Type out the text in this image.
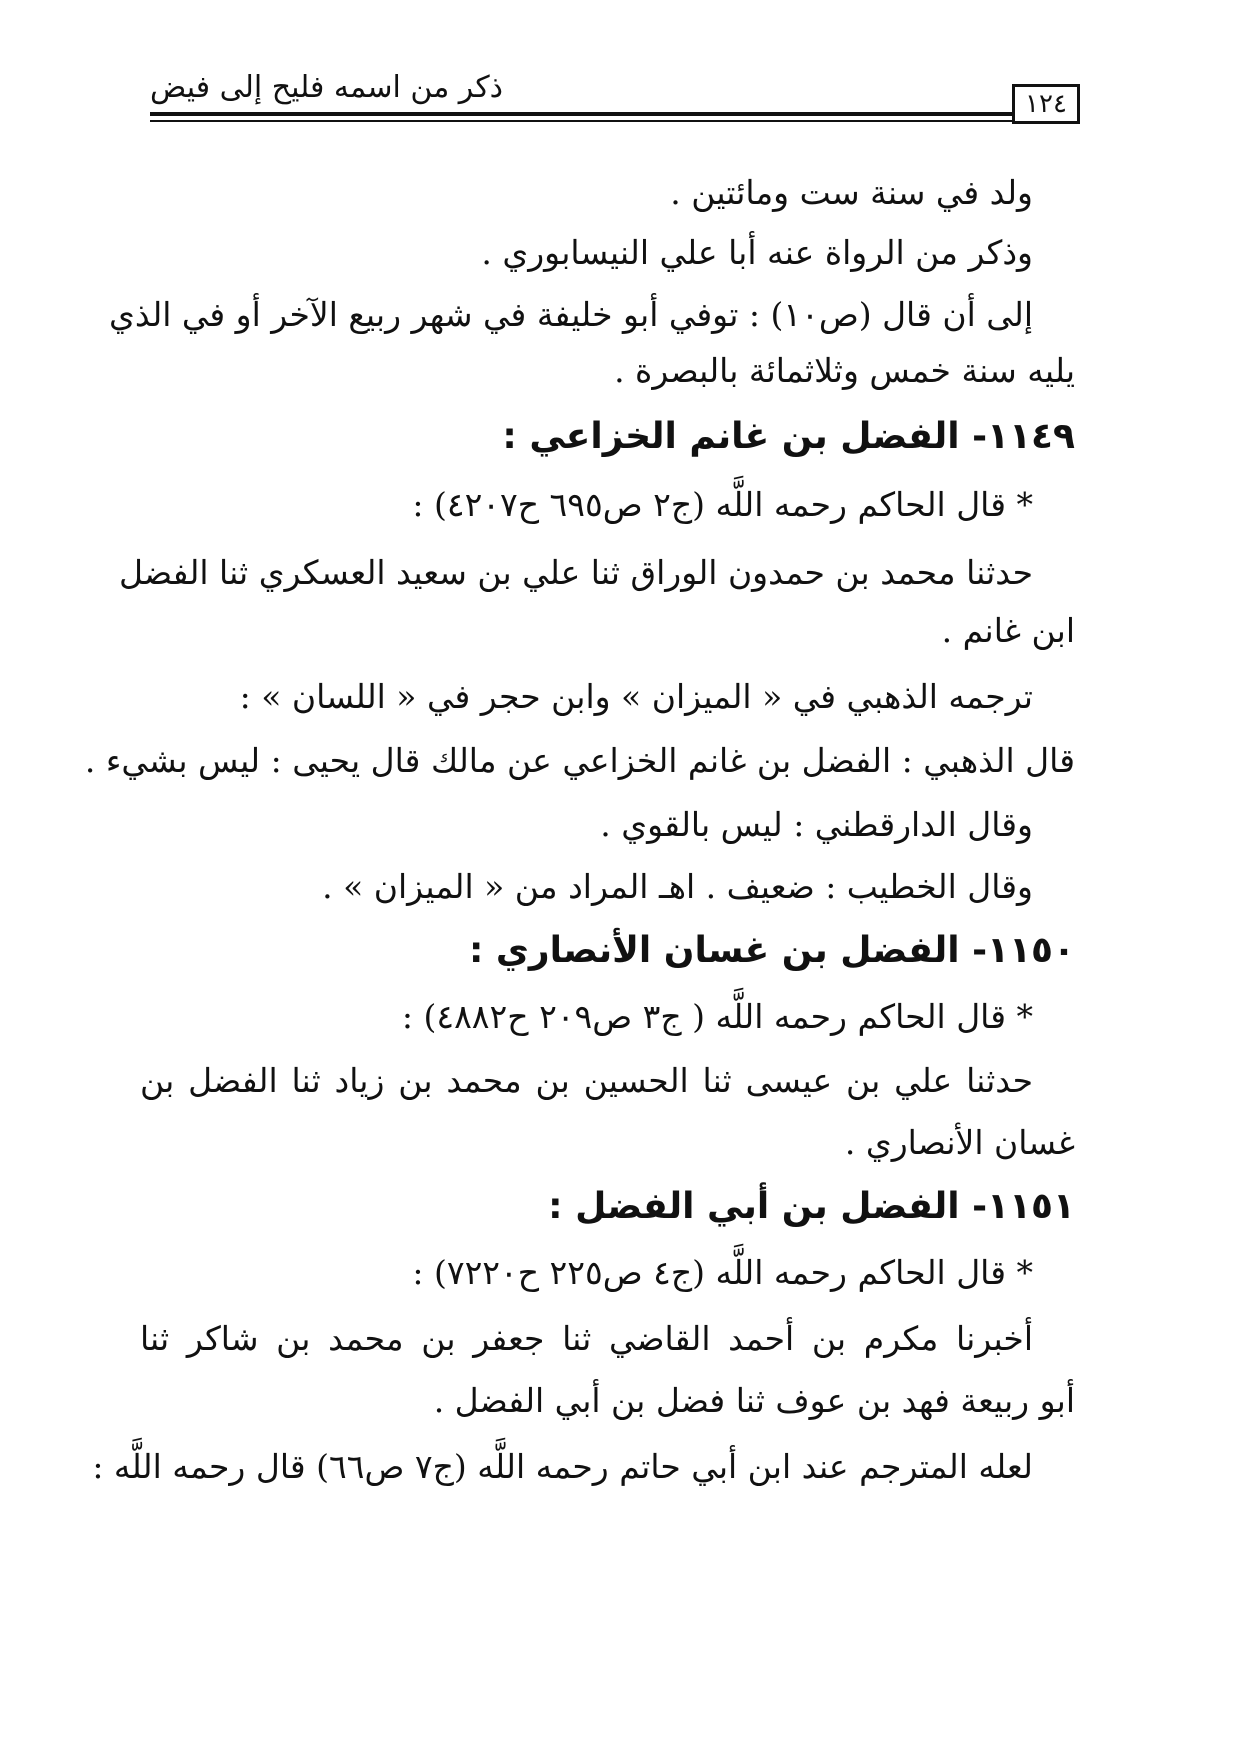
ذكر من اسمه فليح إلى فيض	١٢٤
ولد في سنة ست ومائتين .
وذكر من الرواة عنه أبا علي النيسابوري .
إلى أن قال (ص١٠) : توفي أبو خليفة في شهر ربيع الآخر أو في الذي
يليه سنة خمس وثلاثمائة بالبصرة .
١١٤٩- الفضل بن غانم الخزاعي :
* قال الحاكم رحمه اللَّه (ج٢ ص٦٩٥ ح٤٢٠٧) :
حدثنا محمد بن حمدون الوراق ثنا علي بن سعيد العسكري ثنا الفضل
ابن غانم .
ترجمه الذهبي في « الميزان » وابن حجر في « اللسان » :
قال الذهبي : الفضل بن غانم الخزاعي عن مالك قال يحيى : ليس بشيء .
وقال الدارقطني : ليس بالقوي .
وقال الخطيب : ضعيف . اهـ المراد من « الميزان » .
١١٥٠- الفضل بن غسان الأنصاري :
* قال الحاكم رحمه اللَّه ( ج٣ ص٢٠٩ ح٤٨٨٢) :
حدثنا علي بن عيسى ثنا الحسين بن محمد بن زياد ثنا الفضل بن
غسان الأنصاري .
١١٥١- الفضل بن أبي الفضل :
* قال الحاكم رحمه اللَّه (ج٤ ص٢٢٥ ح٧٢٢٠) :
أخبرنا مكرم بن أحمد القاضي ثنا جعفر بن محمد بن شاكر ثنا
أبو ربيعة فهد بن عوف ثنا فضل بن أبي الفضل .
لعله المترجم عند ابن أبي حاتم رحمه اللَّه (ج٧ ص٦٦) قال رحمه اللَّه :
